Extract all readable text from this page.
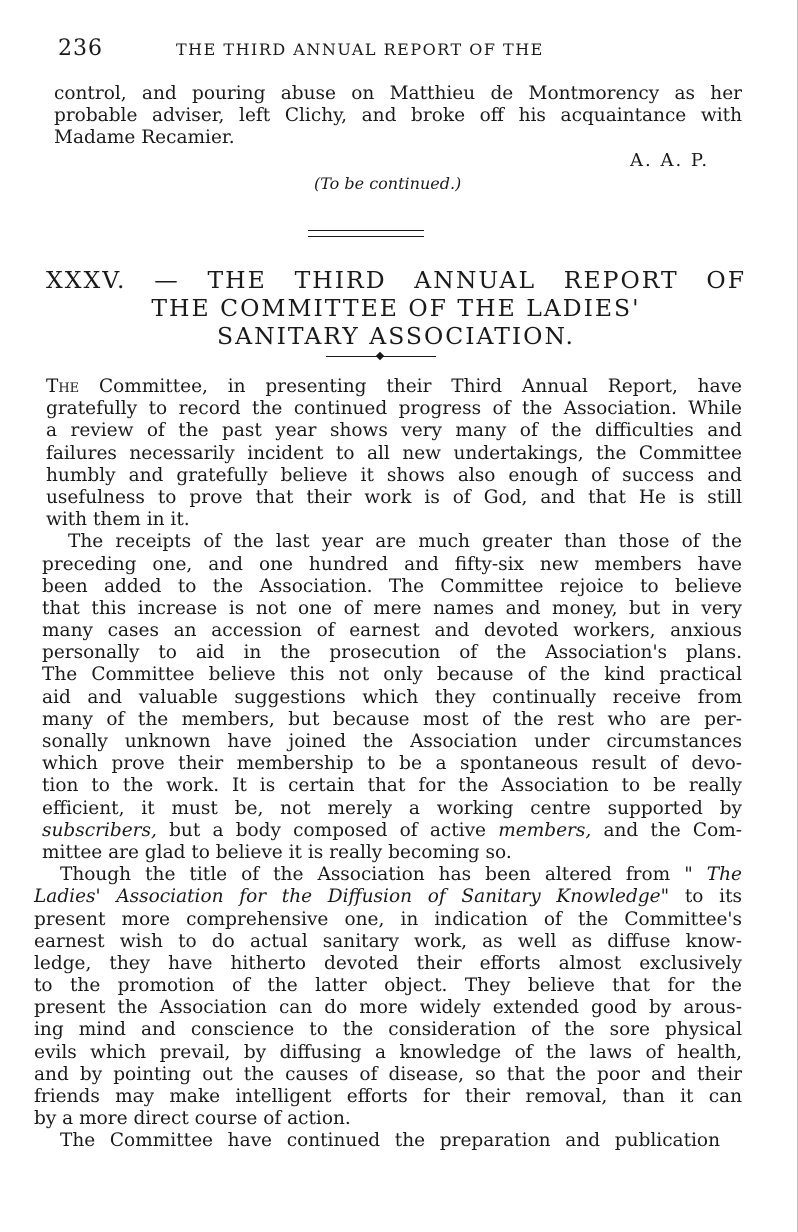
236	THE THIRD ANNUAL REPORT OF THE
control, and pouring abuse on Matthieu de Montmorency as her
probable adviser, left Clichy, and broke off his acquaintance with
Madame Recamier.
A. A. P.
(To be continued.)
XXXV. — THE THIRD ANNUAL REPORT OF
THE COMMITTEE OF THE LADIES'
SANITARY ASSOCIATION.
The Committee, in presenting their Third Annual Report, have
gratefully to record the continued progress of the Association. While
a review of the past year shows very many of the difficulties and
failures necessarily incident to all new undertakings, the Committee
humbly and gratefully believe it shows also enough of success and
usefulness to prove that their work is of God, and that He is still
with them in it.
The receipts of the last year are much greater than those of the
preceding one, and one hundred and fifty-six new members have
been added to the Association. The Committee rejoice to believe
that this increase is not one of mere names and money, but in very
many cases an accession of earnest and devoted workers, anxious
personally to aid in the prosecution of the Association's plans.
The Committee believe this not only because of the kind practical
aid and valuable suggestions which they continually receive from
many of the members, but because most of the rest who are per-
sonally unknown have joined the Association under circumstances
which prove their membership to be a spontaneous result of devo-
tion to the work. It is certain that for the Association to be really
efficient, it must be, not merely a working centre supported by
subscribers, but a body composed of active members, and the Com-
mittee are glad to believe it is really becoming so.
Though the title of the Association has been altered from " The
Ladies' Association for the Diffusion of Sanitary Knowledge" to its
present more comprehensive one, in indication of the Committee's
earnest wish to do actual sanitary work, as well as diffuse know-
ledge, they have hitherto devoted their efforts almost exclusively
to the promotion of the latter object. They believe that for the
present the Association can do more widely extended good by arous-
ing mind and conscience to the consideration of the sore physical
evils which prevail, by diffusing a knowledge of the laws of health,
and by pointing out the causes of disease, so that the poor and their
friends may make intelligent efforts for their removal, than it can
by a more direct course of action.
The Committee have continued the preparation and publication
